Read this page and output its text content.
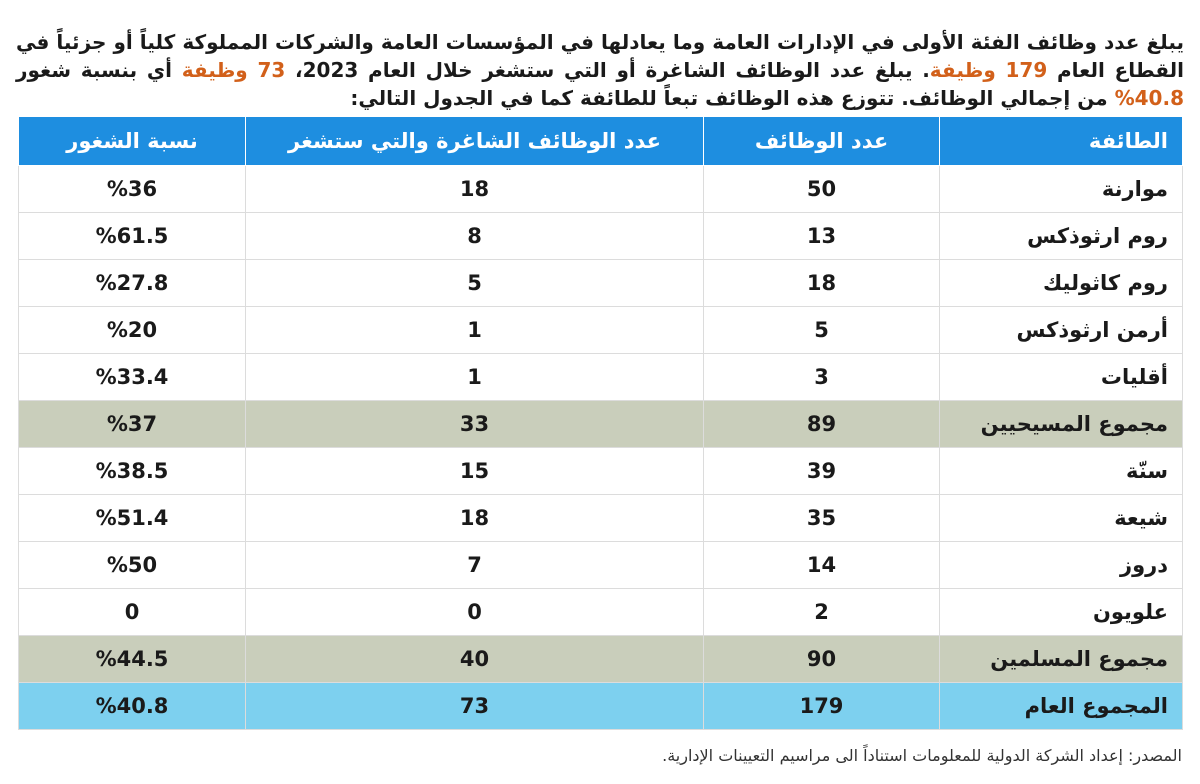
يبلغ عدد وظائف الفئة الأولى في الإدارات العامة وما يعادلها في المؤسسات العامة والشركات المملوكة كلياً أو جزئياً في القطاع العام 179 وظيفة. يبلغ عدد الوظائف الشاغرة أو التي ستشغر خلال العام 2023، 73 وظيفة أي بنسبة شغور 40.8% من إجمالي الوظائف. تتوزع هذه الوظائف تبعاً للطائفة كما في الجدول التالي:

الطائفة	عدد الوظائف	عدد الوظائف الشاغرة والتي ستشغر	نسبة الشغور
موارنة	50	18	%36
روم ارثوذكس	13	8	%61.5
روم كاثوليك	18	5	%27.8
أرمن ارثوذكس	5	1	%20
أقليات	3	1	%33.4
مجموع المسيحيين	89	33	%37
سنّة	39	15	%38.5
شيعة	35	18	%51.4
دروز	14	7	%50
علويون	2	0	0
مجموع المسلمين	90	40	%44.5
المجموع العام	179	73	%40.8
المصدر: إعداد الشركة الدولية للمعلومات استناداً الى مراسيم التعيينات الإدارية.
